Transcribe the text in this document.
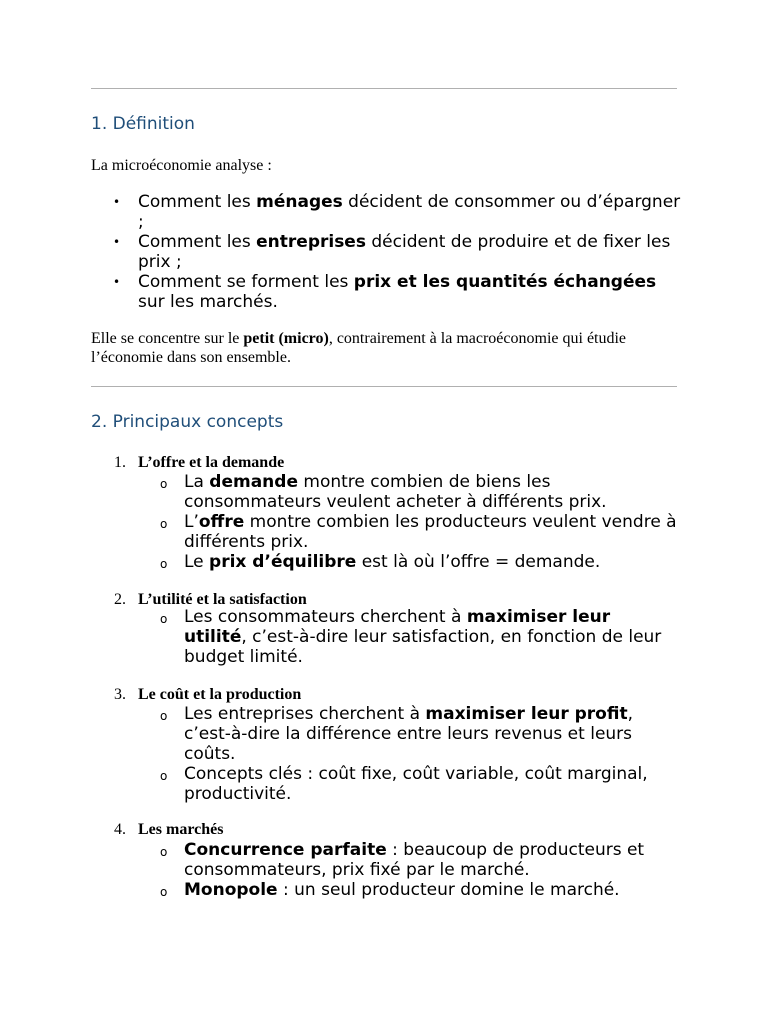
1. Définition

La microéconomie analyse :

• Comment les ménages décident de consommer ou d’épargner ;
• Comment les entreprises décident de produire et de fixer les prix ;
• Comment se forment les prix et les quantités échangées sur les marchés.

Elle se concentre sur le petit (micro), contrairement à la macroéconomie qui étudie l’économie dans son ensemble.

2. Principaux concepts
1. L’offre et la demande
o La demande montre combien de biens les consommateurs veulent acheter à différents prix.
o L’offre montre combien les producteurs veulent vendre à différents prix.
o Le prix d’équilibre est là où l’offre = demande.
2. L’utilité et la satisfaction
o Les consommateurs cherchent à maximiser leur utilité, c’est-à-dire leur satisfaction, en fonction de leur budget limité.
3. Le coût et la production
o Les entreprises cherchent à maximiser leur profit, c’est-à-dire la différence entre leurs revenus et leurs coûts.
o Concepts clés : coût fixe, coût variable, coût marginal, productivité.
4. Les marchés
o Concurrence parfaite : beaucoup de producteurs et consommateurs, prix fixé par le marché.
o Monopole : un seul producteur domine le marché.
